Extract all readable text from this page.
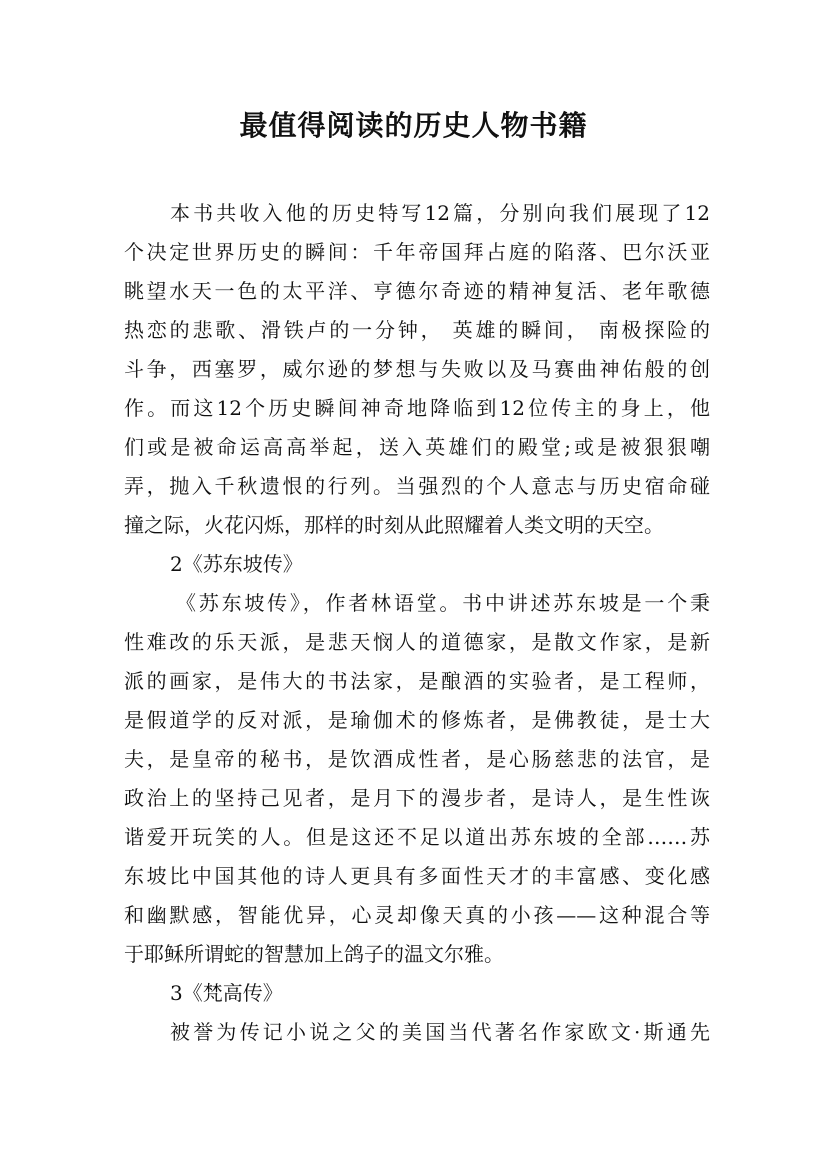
最值得阅读的历史人物书籍
本书共收入他的历史特写12篇，分别向我们展现了12
个决定世界历史的瞬间：千年帝国拜占庭的陷落、巴尔沃亚
眺望水天一色的太平洋、亨德尔奇迹的精神复活、老年歌德
热恋的悲歌、滑铁卢的一分钟， 英雄的瞬间， 南极探险的
斗争，西塞罗，威尔逊的梦想与失败以及马赛曲神佑般的创
作。而这12个历史瞬间神奇地降临到12位传主的身上，他
们或是被命运高高举起，送入英雄们的殿堂;或是被狠狠嘲
弄，抛入千秋遗恨的行列。当强烈的个人意志与历史宿命碰
撞之际，火花闪烁，那样的时刻从此照耀着人类文明的天空。
2《苏东坡传》
《苏东坡传》，作者林语堂。书中讲述苏东坡是一个秉
性难改的乐天派，是悲天悯人的道德家，是散文作家，是新
派的画家，是伟大的书法家，是酿酒的实验者，是工程师，
是假道学的反对派，是瑜伽术的修炼者，是佛教徒，是士大
夫，是皇帝的秘书，是饮酒成性者，是心肠慈悲的法官，是
政治上的坚持己见者，是月下的漫步者，是诗人，是生性诙
谐爱开玩笑的人。但是这还不足以道出苏东坡的全部……苏
东坡比中国其他的诗人更具有多面性天才的丰富感、变化感
和幽默感，智能优异，心灵却像天真的小孩——这种混合等
于耶稣所谓蛇的智慧加上鸽子的温文尔雅。
3《梵高传》
被誉为传记小说之父的美国当代著名作家欧文·斯通先
